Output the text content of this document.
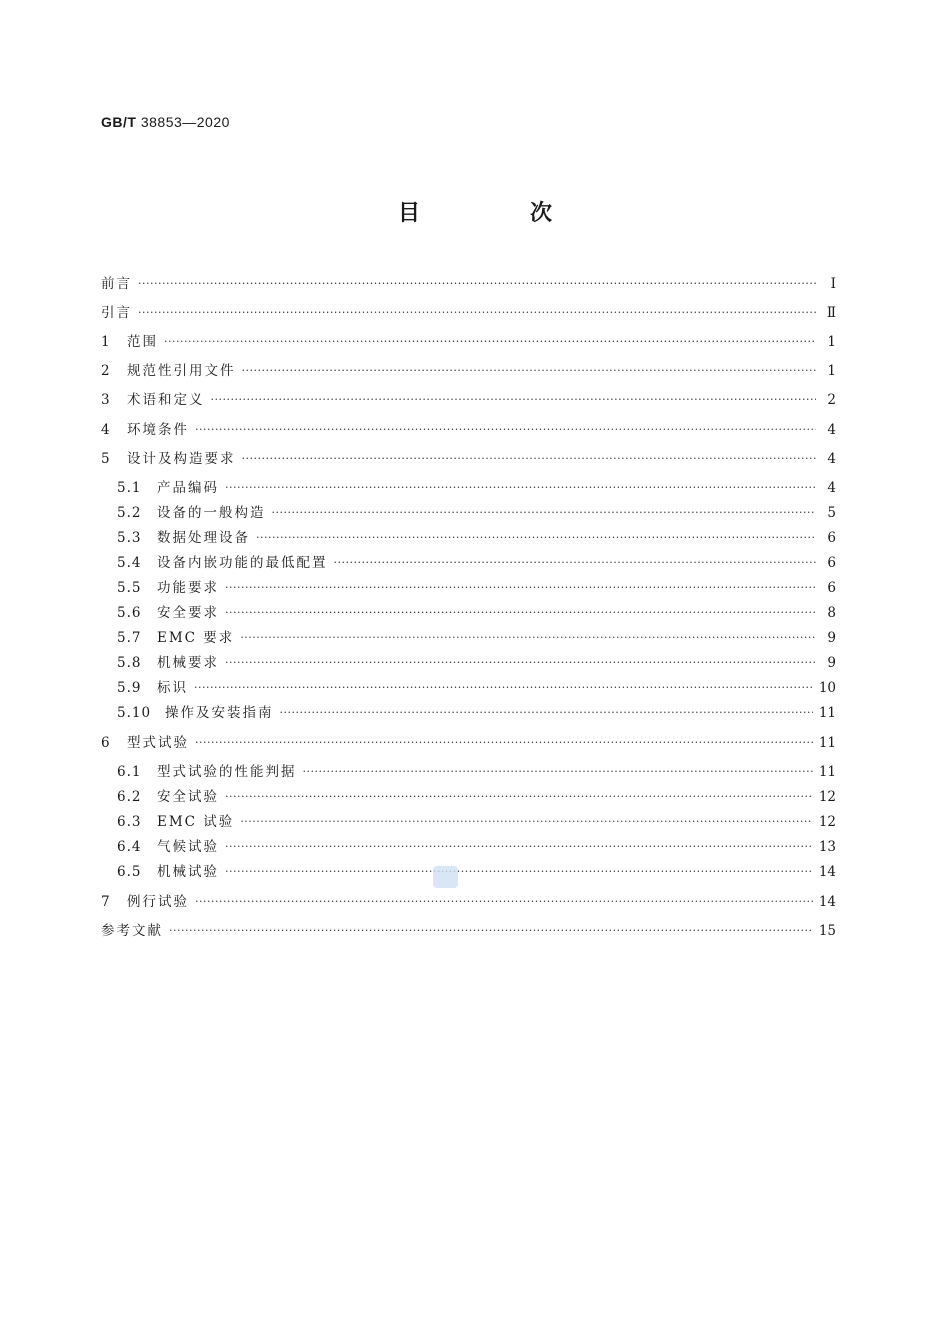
GB/T 38853—2020
目　次
前言 ·····	Ⅰ
引言 ·····	Ⅱ
1	范围 ·····	1
2	规范性引用文件 ·····	1
3	术语和定义 ·····	2
4	环境条件 ·····	4
5	设计及构造要求 ·····	4
5.1	产品编码 ·····	4
5.2	设备的一般构造 ·····	5
5.3	数据处理设备 ·····	6
5.4	设备内嵌功能的最低配置 ·····	6
5.5	功能要求 ·····	6
5.6	安全要求 ·····	8
5.7	EMC 要求 ·····	9
5.8	机械要求 ·····	9
5.9	标识 ·····	10
5.10	操作及安装指南 ·····	11
6	型式试验 ·····	11
6.1	型式试验的性能判据 ·····	11
6.2	安全试验 ·····	12
6.3	EMC 试验 ·····	12
6.4	气候试验 ·····	13
6.5	机械试验 ·····	14
7	例行试验 ·····	14
参考文献 ·····	15
